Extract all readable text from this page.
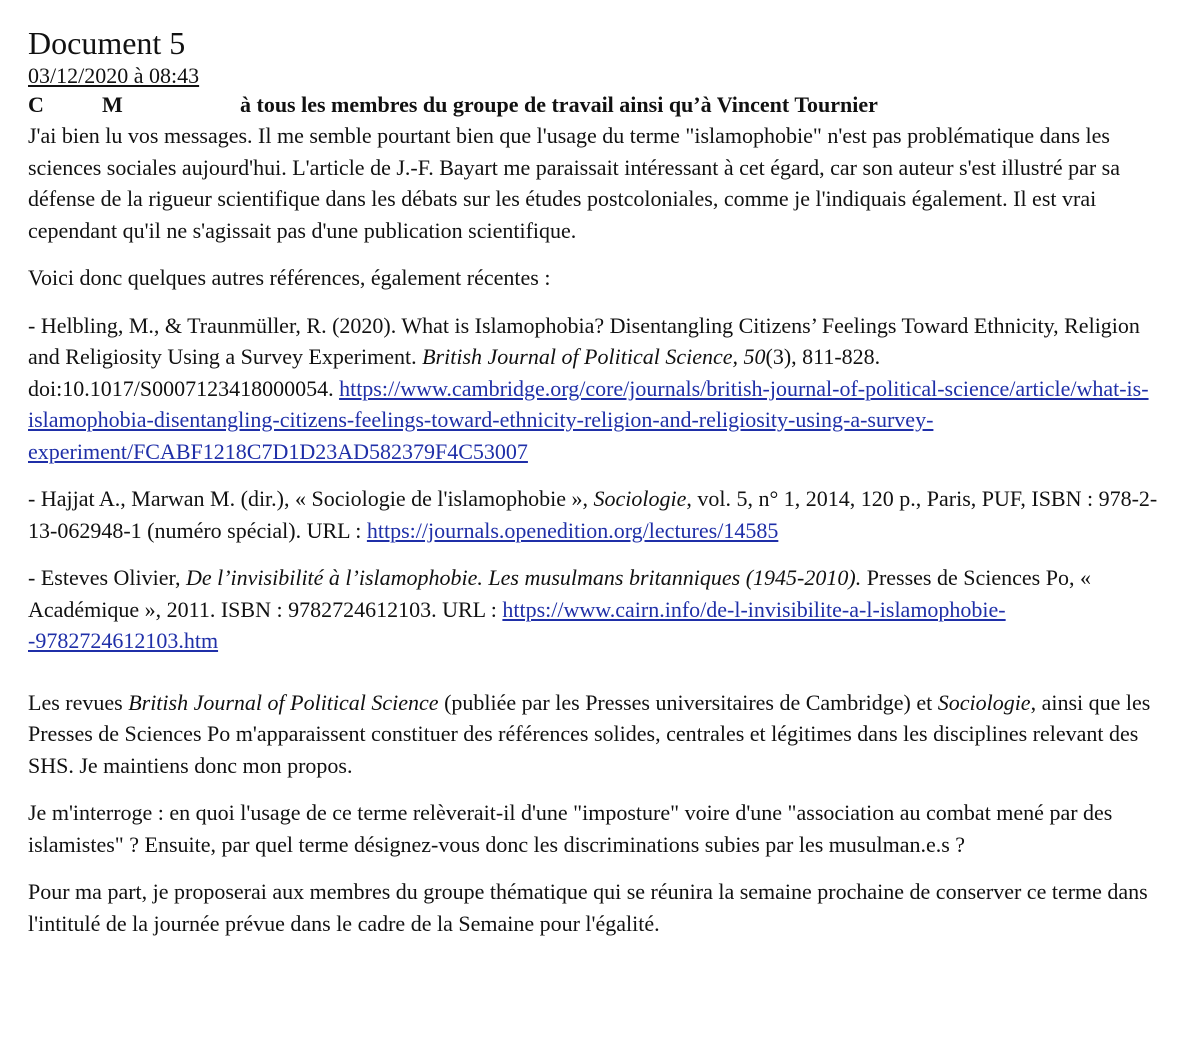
Document 5
03/12/2020 à 08:43
C	M	à tous les membres du groupe de travail ainsi qu’à Vincent Tournier

J'ai bien lu vos messages. Il me semble pourtant bien que l'usage du terme "islamophobie" n'est pas problématique dans les sciences sociales aujourd'hui. L'article de J.-F. Bayart me paraissait intéressant à cet égard, car son auteur s'est illustré par sa défense de la rigueur scientifique dans les débats sur les études postcoloniales, comme je l'indiquais également. Il est vrai cependant qu'il ne s'agissait pas d'une publication scientifique.

Voici donc quelques autres références, également récentes :

- Helbling, M., & Traunmüller, R. (2020). What is Islamophobia? Disentangling Citizens’ Feelings Toward Ethnicity, Religion and Religiosity Using a Survey Experiment. British Journal of Political Science, 50(3), 811-828. doi:10.1017/S0007123418000054. https://www.cambridge.org/core/journals/british-journal-of-political-science/article/what-is-islamophobia-disentangling-citizens-feelings-toward-ethnicity-religion-and-religiosity-using-a-survey-experiment/FCABF1218C7D1D23AD582379F4C53007

- Hajjat A., Marwan M. (dir.), « Sociologie de l'islamophobie », Sociologie, vol. 5, n° 1, 2014, 120 p., Paris, PUF, ISBN : 978-2-13-062948-1 (numéro spécial). URL : https://journals.openedition.org/lectures/14585

- Esteves Olivier, De l’invisibilité à l’islamophobie. Les musulmans britanniques (1945-2010). Presses de Sciences Po, « Académique », 2011. ISBN : 9782724612103. URL : https://www.cairn.info/de-l-invisibilite-a-l-islamophobie--9782724612103.htm

Les revues British Journal of Political Science (publiée par les Presses universitaires de Cambridge) et Sociologie, ainsi que les Presses de Sciences Po m'apparaissent constituer des références solides, centrales et légitimes dans les disciplines relevant des SHS. Je maintiens donc mon propos.

Je m'interroge : en quoi l'usage de ce terme relèverait-il d'une "imposture" voire d'une "association au combat mené par des islamistes" ? Ensuite, par quel terme désignez-vous donc les discriminations subies par les musulman.e.s ?

Pour ma part, je proposerai aux membres du groupe thématique qui se réunira la semaine prochaine de conserver ce terme dans l'intitulé de la journée prévue dans le cadre de la Semaine pour l'égalité.
